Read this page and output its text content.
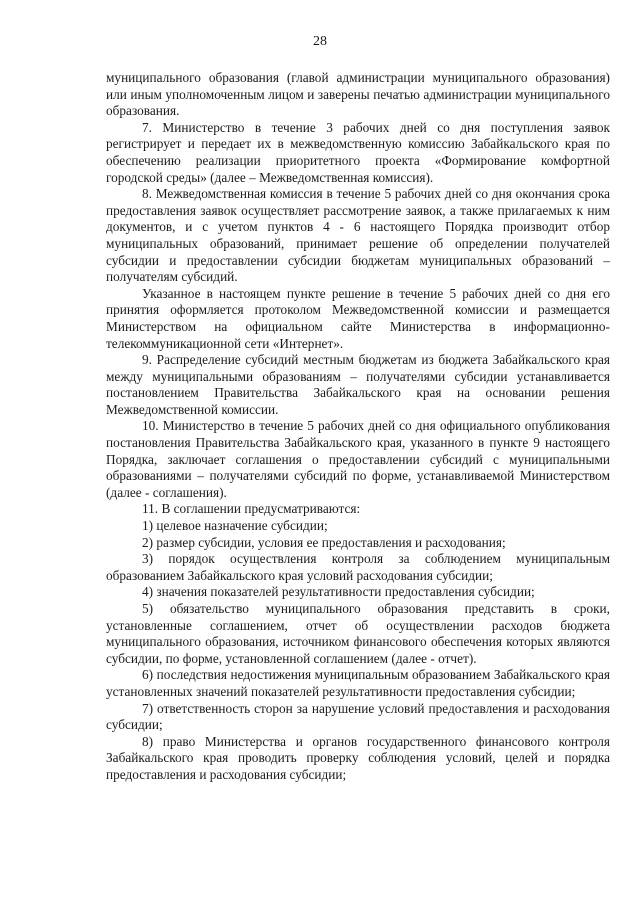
28

муниципального образования (главой администрации муниципального образования) или иным уполномоченным лицом и заверены печатью администрации муниципального образования.

7. Министерство в течение 3 рабочих дней со дня поступления заявок регистрирует и передает их в межведомственную комиссию Забайкальского края по обеспечению реализации приоритетного проекта «Формирование комфортной городской среды» (далее – Межведомственная комиссия).

8. Межведомственная комиссия в течение 5 рабочих дней со дня окончания срока предоставления заявок осуществляет рассмотрение заявок, а также прилагаемых к ним документов, и с учетом пунктов 4 - 6 настоящего Порядка производит отбор муниципальных образований, принимает решение об определении получателей субсидии и предоставлении субсидии бюджетам муниципальных образований – получателям субсидий.

Указанное в настоящем пункте решение в течение 5 рабочих дней со дня его принятия оформляется протоколом Межведомственной комиссии и размещается Министерством на официальном сайте Министерства в информационно-телекоммуникационной сети «Интернет».

9. Распределение субсидий местным бюджетам из бюджета Забайкальского края между муниципальными образованиям – получателями субсидии устанавливается постановлением Правительства Забайкальского края на основании решения Межведомственной комиссии.

10. Министерство в течение 5 рабочих дней со дня официального опубликования постановления Правительства Забайкальского края, указанного в пункте 9 настоящего Порядка, заключает соглашения о предоставлении субсидий с муниципальными образованиями – получателями субсидий по форме, устанавливаемой Министерством (далее - соглашения).

11. В соглашении предусматриваются:

1) целевое назначение субсидии;

2) размер субсидии, условия ее предоставления и расходования;

3) порядок осуществления контроля за соблюдением муниципальным образованием Забайкальского края условий расходования субсидии;

4) значения показателей результативности предоставления субсидии;

5) обязательство муниципального образования представить в сроки, установленные соглашением, отчет об осуществлении расходов бюджета муниципального образования, источником финансового обеспечения которых являются субсидии, по форме, установленной соглашением (далее - отчет).

6) последствия недостижения муниципальным образованием Забайкальского края установленных значений показателей результативности предоставления субсидии;

7) ответственность сторон за нарушение условий предоставления и расходования субсидии;

8) право Министерства и органов государственного финансового контроля Забайкальского края проводить проверку соблюдения условий, целей и порядка предоставления и расходования субсидии;
